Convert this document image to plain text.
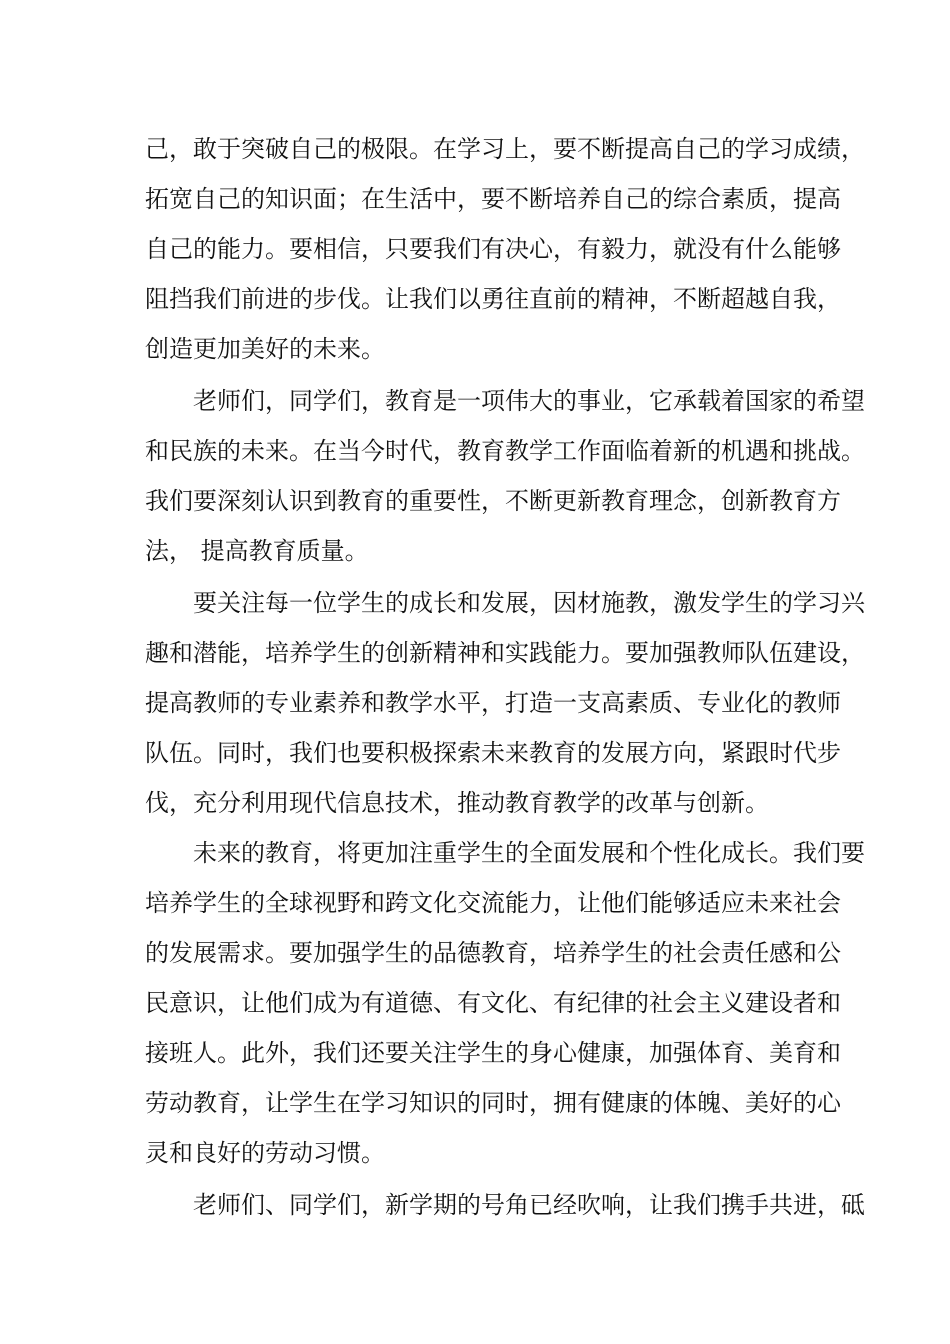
己，敢于突破自己的极限。在学习上，要不断提高自己的学习成绩，
拓宽自己的知识面；在生活中，要不断培养自己的综合素质，提高
自己的能力。要相信，只要我们有决心，有毅力，就没有什么能够
阻挡我们前进的步伐。让我们以勇往直前的精神，不断超越自我，
创造更加美好的未来。
　　老师们，同学们，教育是一项伟大的事业，它承载着国家的希望
和民族的未来。在当今时代，教育教学工作面临着新的机遇和挑战。
我们要深刻认识到教育的重要性，不断更新教育理念，创新教育方
法， 提高教育质量。
　　要关注每一位学生的成长和发展，因材施教，激发学生的学习兴
趣和潜能，培养学生的创新精神和实践能力。要加强教师队伍建设，
提高教师的专业素养和教学水平，打造一支高素质、专业化的教师
队伍。同时，我们也要积极探索未来教育的发展方向，紧跟时代步
伐，充分利用现代信息技术，推动教育教学的改革与创新。
　　未来的教育，将更加注重学生的全面发展和个性化成长。我们要
培养学生的全球视野和跨文化交流能力，让他们能够适应未来社会
的发展需求。要加强学生的品德教育，培养学生的社会责任感和公
民意识，让他们成为有道德、有文化、有纪律的社会主义建设者和
接班人。此外，我们还要关注学生的身心健康，加强体育、美育和
劳动教育，让学生在学习知识的同时，拥有健康的体魄、美好的心
灵和良好的劳动习惯。
　　老师们、同学们，新学期的号角已经吹响，让我们携手共进，砥
